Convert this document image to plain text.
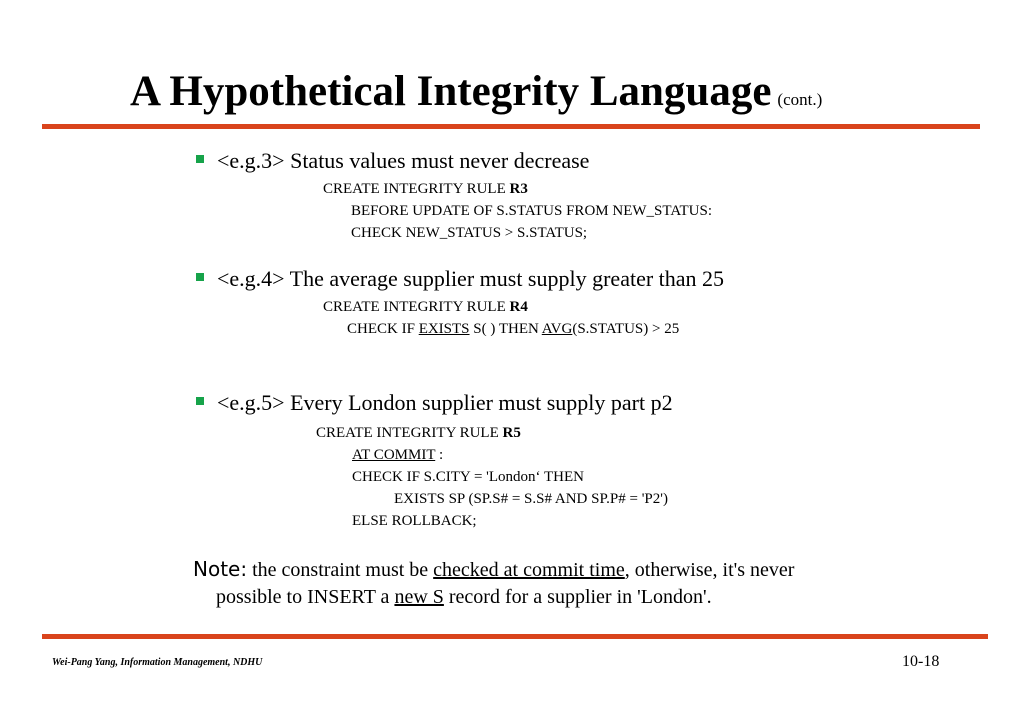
A Hypothetical Integrity Language (cont.)
<e.g.3> Status values must never decrease
CREATE INTEGRITY RULE R3
BEFORE UPDATE OF S.STATUS FROM NEW_STATUS:
CHECK NEW_STATUS > S.STATUS;
<e.g.4> The average supplier must supply greater than 25
CREATE INTEGRITY RULE R4
CHECK IF EXISTS S( ) THEN AVG(S.STATUS) > 25
<e.g.5> Every London supplier must supply part p2
CREATE INTEGRITY RULE R5
AT COMMIT :
CHECK IF S.CITY = 'London‘ THEN
EXISTS SP (SP.S# = S.S# AND SP.P# = 'P2')
ELSE ROLLBACK;
Note: the constraint must be checked at commit time, otherwise, it's never
possible to INSERT a new S record for a supplier in 'London'.
Wei-Pang Yang, Information Management, NDHU	10-18
